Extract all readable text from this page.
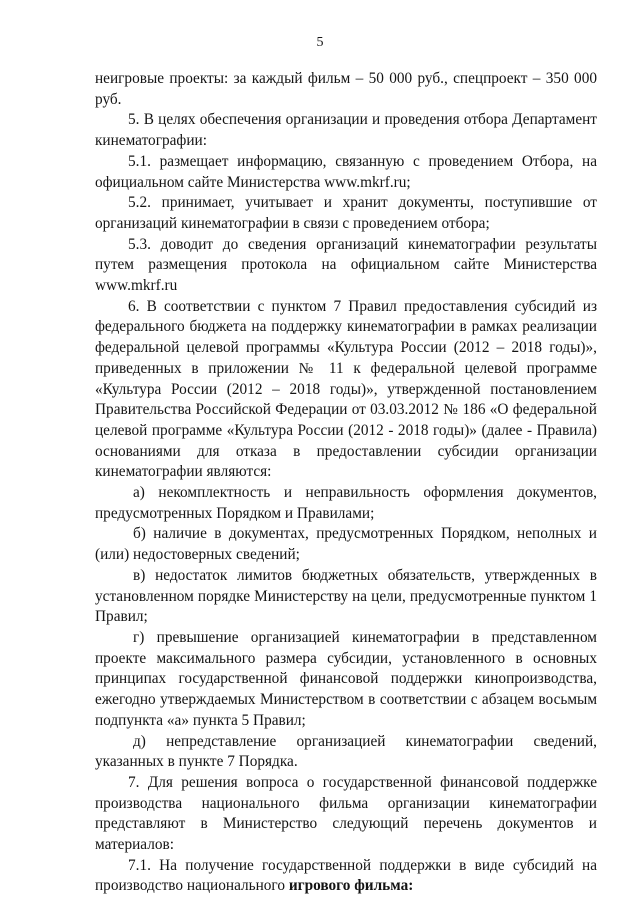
5

неигровые проекты: за каждый фильм – 50 000 руб., спецпроект – 350 000 руб.

5. В целях обеспечения организации и проведения отбора Департамент кинематографии:

5.1. размещает информацию, связанную с проведением Отбора, на официальном сайте Министерства www.mkrf.ru;

5.2. принимает, учитывает и хранит документы, поступившие от организаций кинематографии в связи с проведением отбора;

5.3. доводит до сведения организаций кинематографии результаты путем размещения протокола на официальном сайте Министерства www.mkrf.ru

6. В соответствии с пунктом 7 Правил предоставления субсидий из федерального бюджета на поддержку кинематографии в рамках реализации федеральной целевой программы «Культура России (2012 – 2018 годы)», приведенных в приложении № 11 к федеральной целевой программе «Культура России (2012 – 2018 годы)», утвержденной постановлением Правительства Российской Федерации от 03.03.2012 № 186 «О федеральной целевой программе «Культура России (2012 - 2018 годы)» (далее - Правила) основаниями для отказа в предоставлении субсидии организации кинематографии являются:

а) некомплектность и неправильность оформления документов, предусмотренных Порядком и Правилами;

б) наличие в документах, предусмотренных Порядком, неполных и (или) недостоверных сведений;

в) недостаток лимитов бюджетных обязательств, утвержденных в установленном порядке Министерству на цели, предусмотренные пунктом 1 Правил;

г) превышение организацией кинематографии в представленном проекте максимального размера субсидии, установленного в основных принципах государственной финансовой поддержки кинопроизводства, ежегодно утверждаемых Министерством в соответствии с абзацем восьмым подпункта «а» пункта 5 Правил;

д) непредставление организацией кинематографии сведений, указанных в пункте 7 Порядка.

7. Для решения вопроса о государственной финансовой поддержке производства национального фильма организации кинематографии представляют в Министерство следующий перечень документов и материалов:

7.1. На получение государственной поддержки в виде субсидий на производство национального игрового фильма:
